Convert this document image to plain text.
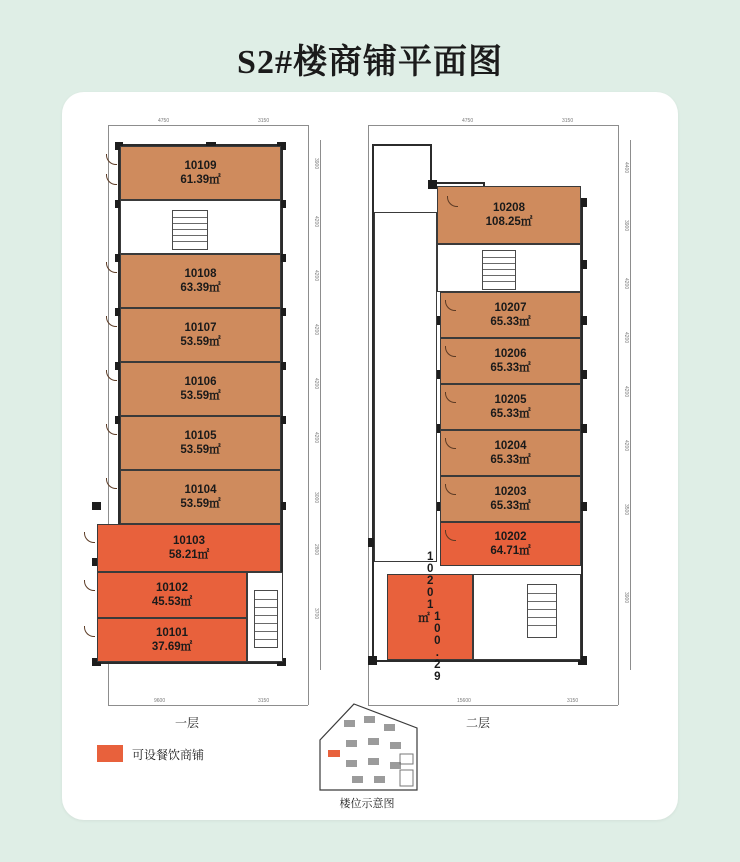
S2#楼商铺平面图
4750	3150
9600	3150
3900
4200
4200
4200
4200
4200
3000
2800
3700
10109
61.39㎡
10108
63.39㎡
10107
53.59㎡
10106
53.59㎡
10105
53.59㎡
10104
53.59㎡
10103
58.21㎡
10102
45.53㎡
10101
37.69㎡
一层
4750	3150
15600	3150
4400
3900
4200
4200
4200
4200
3500
3900
10208
108.25㎡
10207
65.33㎡
10206
65.33㎡
10205
65.33㎡
10204
65.33㎡
10203
65.33㎡
10202
64.71㎡
10201
100.29㎡
二层
可设餐饮商铺
楼位示意图
